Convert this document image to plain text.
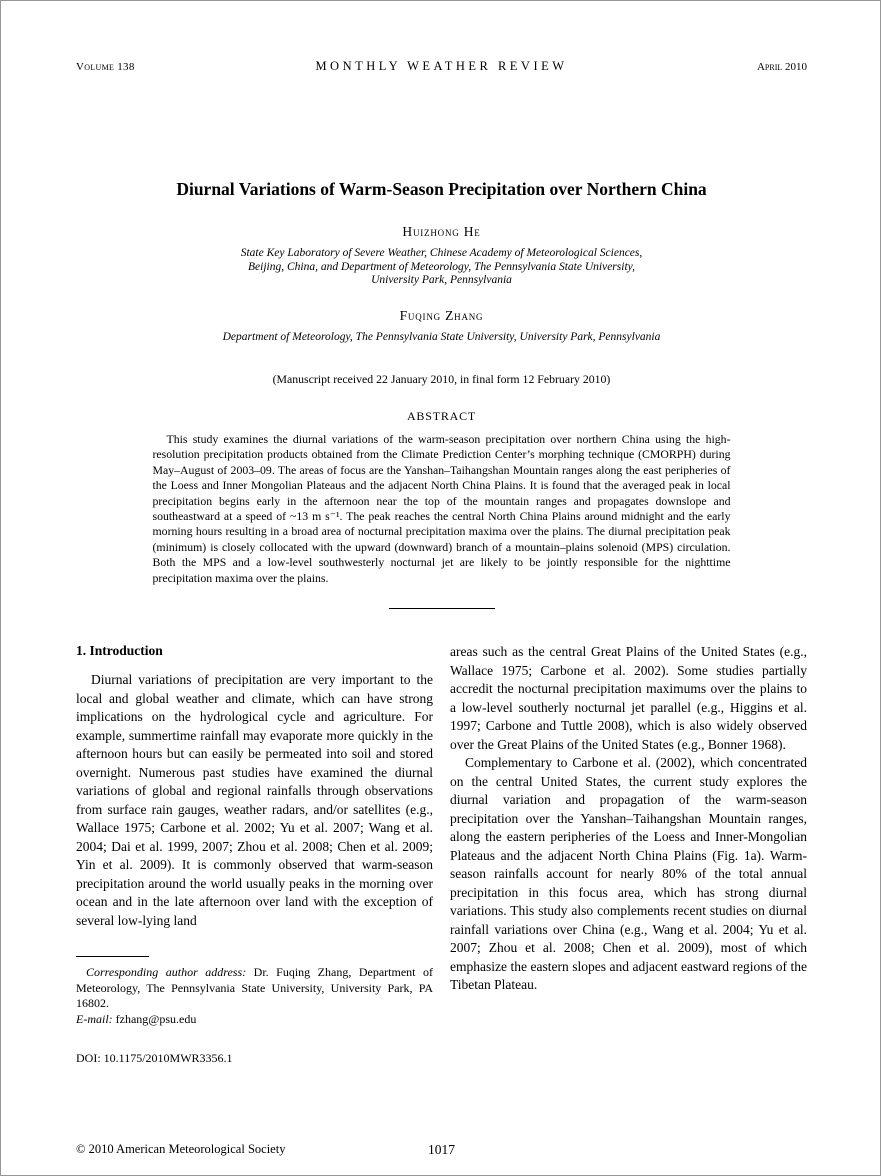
Volume 138	MONTHLY WEATHER REVIEW	April 2010
Diurnal Variations of Warm-Season Precipitation over Northern China
Huizhong He
State Key Laboratory of Severe Weather, Chinese Academy of Meteorological Sciences,
Beijing, China, and Department of Meteorology, The Pennsylvania State University,
University Park, Pennsylvania
Fuqing Zhang
Department of Meteorology, The Pennsylvania State University, University Park, Pennsylvania
(Manuscript received 22 January 2010, in final form 12 February 2010)
ABSTRACT

This study examines the diurnal variations of the warm-season precipitation over northern China using the high-resolution precipitation products obtained from the Climate Prediction Center’s morphing technique (CMORPH) during May–August of 2003–09. The areas of focus are the Yanshan–Taihangshan Mountain ranges along the east peripheries of the Loess and Inner Mongolian Plateaus and the adjacent North China Plains. It is found that the averaged peak in local precipitation begins early in the afternoon near the top of the mountain ranges and propagates downslope and southeastward at a speed of ~13 m s⁻¹. The peak reaches the central North China Plains around midnight and the early morning hours resulting in a broad area of nocturnal precipitation maxima over the plains. The diurnal precipitation peak (minimum) is closely collocated with the upward (downward) branch of a mountain–plains solenoid (MPS) circulation. Both the MPS and a low-level southwesterly nocturnal jet are likely to be jointly responsible for the nighttime precipitation maxima over the plains.

1. Introduction

Diurnal variations of precipitation are very important to the local and global weather and climate, which can have strong implications on the hydrological cycle and agriculture. For example, summertime rainfall may evaporate more quickly in the afternoon hours but can easily be permeated into soil and stored overnight. Numerous past studies have examined the diurnal variations of global and regional rainfalls through observations from surface rain gauges, weather radars, and/or satellites (e.g., Wallace 1975; Carbone et al. 2002; Yu et al. 2007; Wang et al. 2004; Dai et al. 1999, 2007; Zhou et al. 2008; Chen et al. 2009; Yin et al. 2009). It is commonly observed that warm-season precipitation around the world usually peaks in the morning over ocean and in the late afternoon over land with the exception of several low-lying land

Corresponding author address: Dr. Fuqing Zhang, Department of Meteorology, The Pennsylvania State University, University Park, PA 16802.

E-mail: fzhang@psu.edu

DOI: 10.1175/2010MWR3356.1

areas such as the central Great Plains of the United States (e.g., Wallace 1975; Carbone et al. 2002). Some studies partially accredit the nocturnal precipitation maximums over the plains to a low-level southerly nocturnal jet parallel (e.g., Higgins et al. 1997; Carbone and Tuttle 2008), which is also widely observed over the Great Plains of the United States (e.g., Bonner 1968).

Complementary to Carbone et al. (2002), which concentrated on the central United States, the current study explores the diurnal variation and propagation of the warm-season precipitation over the Yanshan–Taihangshan Mountain ranges, along the eastern peripheries of the Loess and Inner-Mongolian Plateaus and the adjacent North China Plains (Fig. 1a). Warm-season rainfalls account for nearly 80% of the total annual precipitation in this focus area, which has strong diurnal variations. This study also complements recent studies on diurnal rainfall variations over China (e.g., Wang et al. 2004; Yu et al. 2007; Zhou et al. 2008; Chen et al. 2009), most of which emphasize the eastern slopes and adjacent eastward regions of the Tibetan Plateau.

© 2010 American Meteorological Society	1017
